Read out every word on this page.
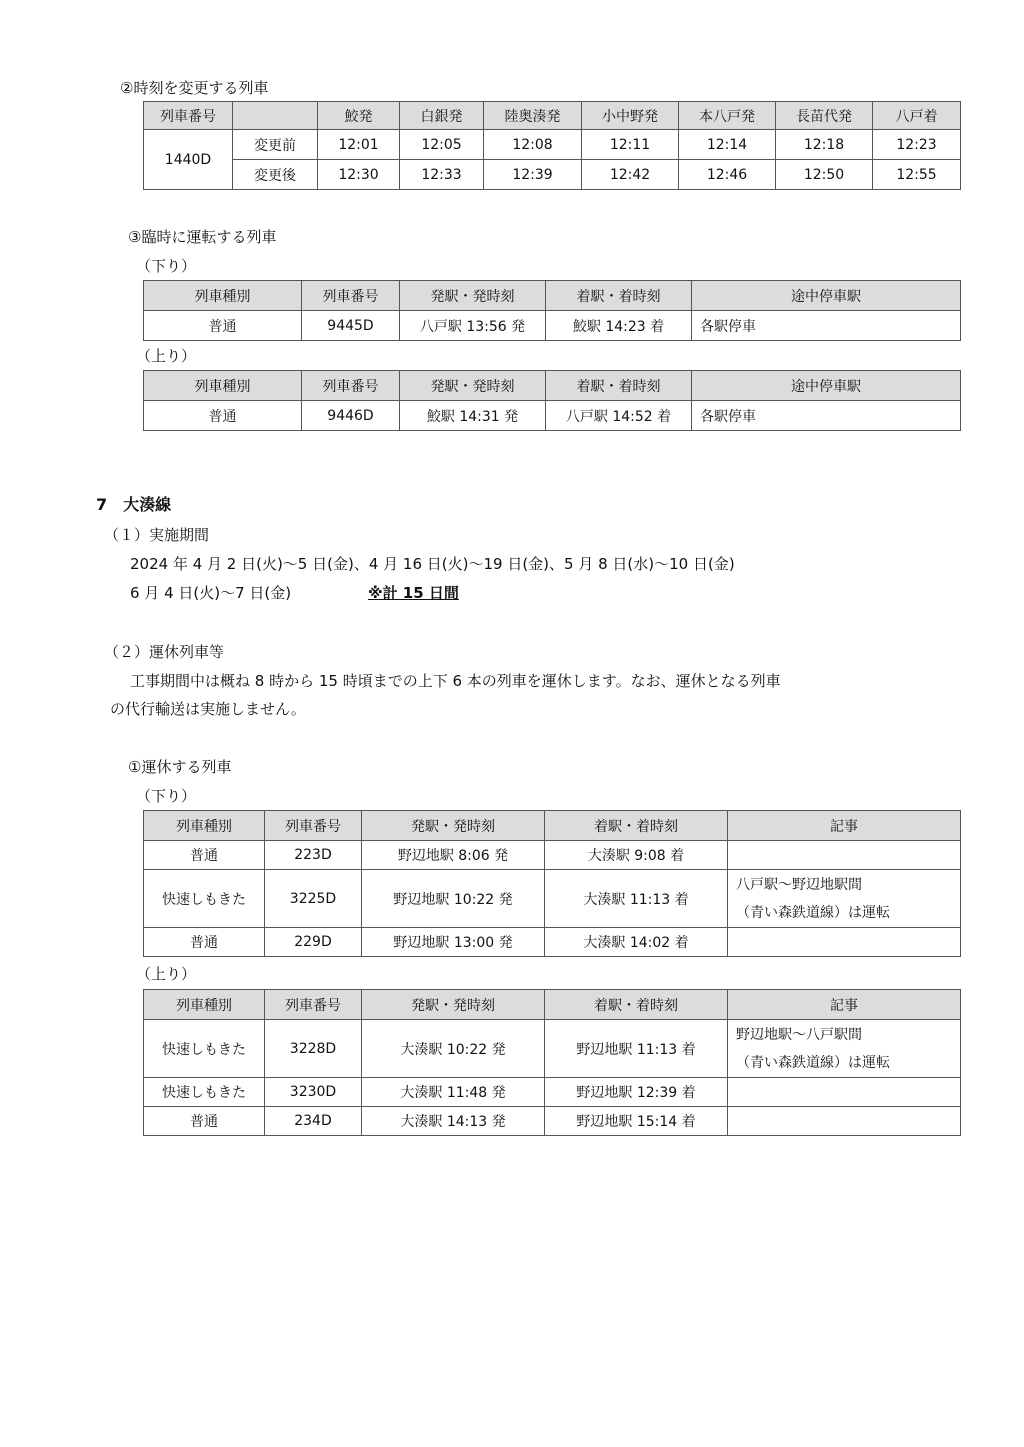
②時刻を変更する列車
列車番号		鮫発	白銀発	陸奥湊発	小中野発	本八戸発	長苗代発	八戸着
1440D	変更前	12:01	12:05	12:08	12:11	12:14	12:18	12:23
	変更後	12:30	12:33	12:39	12:42	12:46	12:50	12:55
③臨時に運転する列車
（下り）
列車種別	列車番号	発駅・発時刻	着駅・着時刻	途中停車駅
普通	9445D	八戸駅 13:56 発	鮫駅 14:23 着	各駅停車
（上り）
列車種別	列車番号	発駅・発時刻	着駅・着時刻	途中停車駅
普通	9446D	鮫駅 14:31 発	八戸駅 14:52 着	各駅停車
7　大湊線
（１）実施期間
2024 年 4 月 2 日(火)～5 日(金)、4 月 16 日(火)～19 日(金)、5 月 8 日(水)～10 日(金)
6 月 4 日(火)～7 日(金)	※計 15 日間
（２）運休列車等
工事期間中は概ね 8 時から 15 時頃までの上下 6 本の列車を運休します。なお、運休となる列車
の代行輸送は実施しません。
①運休する列車
（下り）
列車種別	列車番号	発駅・発時刻	着駅・着時刻	記事
普通	223D	野辺地駅 8:06 発	大湊駅 9:08 着	
快速しもきた	3225D	野辺地駅 10:22 発	大湊駅 11:13 着	八戸駅～野辺地駅間
（青い森鉄道線）は運転

普通	229D	野辺地駅 13:00 発	大湊駅 14:02 着	
（上り）
列車種別	列車番号	発駅・発時刻	着駅・着時刻	記事
快速しもきた	3228D	大湊駅 10:22 発	野辺地駅 11:13 着	野辺地駅～八戸駅間
（青い森鉄道線）は運転

快速しもきた	3230D	大湊駅 11:48 発	野辺地駅 12:39 着	
普通	234D	大湊駅 14:13 発	野辺地駅 15:14 着	
